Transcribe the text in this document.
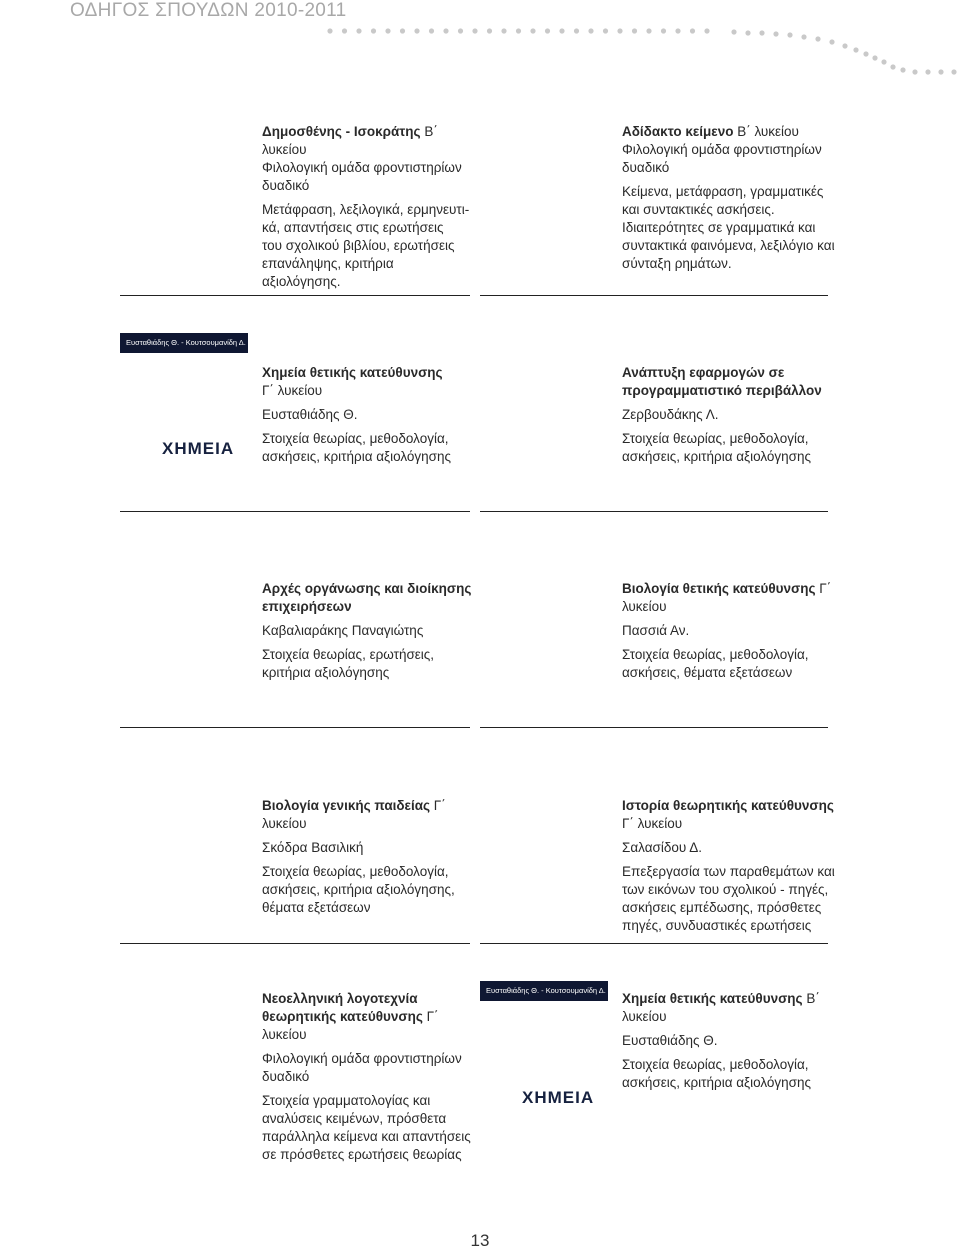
ΟΔΗΓΟΣ ΣΠΟΥΔΩΝ 2010-2011

Δημοσθένης - Ισοκράτης Β΄ λυκείου

Φιλολογική ομάδα φροντιστηρίων

δυαδικό

Μετάφραση, λεξιλογικά, ερμηνευτι-

κά, απαντήσεις στις ερωτήσεις

του σχολικού βιβλίου, ερωτήσεις

επανάληψης, κριτήρια αξιολόγησης.

Αδίδακτο κείμενο Β΄ λυκείου

Φιλολογική ομάδα φροντιστηρίων

δυαδικό

Κείμενα, μετάφραση, γραμματικές

και συντακτικές ασκήσεις.

Ιδιαιτερότητες σε γραμματικά και

συντακτικά φαινόμενα, λεξιλόγιο και

σύνταξη ρημάτων.

Ευσταθιάδης Θ. - Κουτσουμανίδη Δ.
ΧΗΜΕΙΑ

Χημεία θετικής κατεύθυνσης

Γ΄ λυκείου

Ευσταθιάδης Θ.

Στοιχεία θεωρίας, μεθοδολογία,

ασκήσεις, κριτήρια αξιολόγησης

Ανάπτυξη εφαρμογών σε

προγραμματιστικό περιβάλλον

Ζερβουδάκης Λ.

Στοιχεία θεωρίας, μεθοδολογία,

ασκήσεις, κριτήρια αξιολόγησης

Αρχές οργάνωσης και διοίκησης

επιχειρήσεων

Καβαλιαράκης Παναγιώτης

Στοιχεία θεωρίας, ερωτήσεις,

κριτήρια αξιολόγησης

Βιολογία θετικής κατεύθυνσης Γ΄

λυκείου

Πασσιά Αν.

Στοιχεία θεωρίας, μεθοδολογία,

ασκήσεις, θέματα εξετάσεων

Βιολογία γενικής παιδείας Γ΄ λυκείου

Σκόδρα Βασιλική

Στοιχεία θεωρίας, μεθοδολογία,

ασκήσεις, κριτήρια αξιολόγησης,

θέματα εξετάσεων

Ιστορία θεωρητικής κατεύθυνσης

Γ΄ λυκείου

Σαλασίδου Δ.

Επεξεργασία των παραθεμάτων και

των εικόνων του σχολικού - πηγές,

ασκήσεις εμπέδωσης, πρόσθετες

πηγές, συνδυαστικές ερωτήσεις

Νεοελληνική λογοτεχνία

θεωρητικής κατεύθυνσης Γ΄ λυκείου

Φιλολογική ομάδα φροντιστηρίων

δυαδικό

Στοιχεία γραμματολογίας και

αναλύσεις κειμένων, πρόσθετα

παράλληλα κείμενα και απαντήσεις

σε πρόσθετες ερωτήσεις θεωρίας

Ευσταθιάδης Θ. - Κουτσουμανίδη Δ.
ΧΗΜΕΙΑ

Χημεία θετικής κατεύθυνσης Β΄ λυκείου

Ευσταθιάδης Θ.

Στοιχεία θεωρίας, μεθοδολογία,

ασκήσεις, κριτήρια αξιολόγησης

13
